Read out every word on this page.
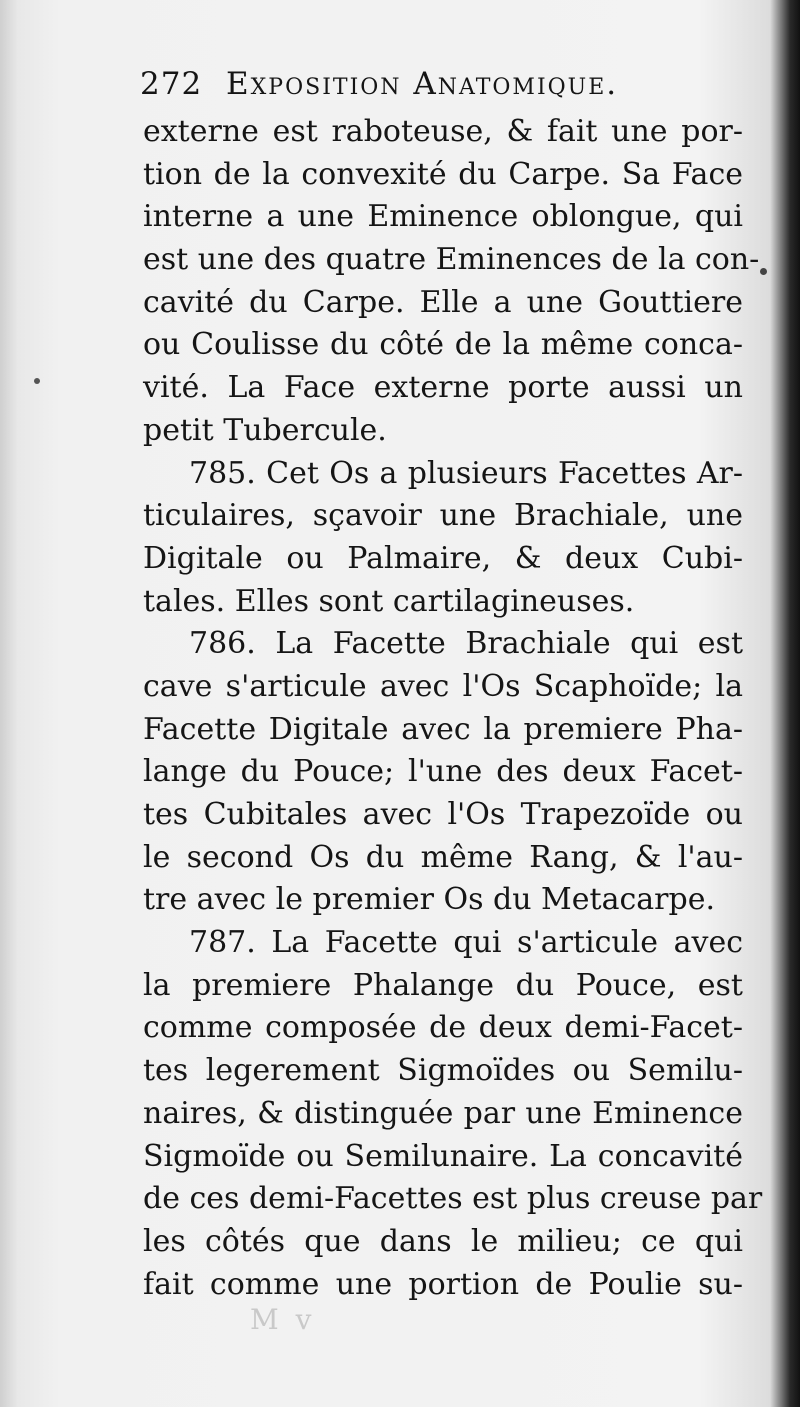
272 Exposition Anatomique.
externe est raboteuse, & fait une por-
tion de la convexité du Carpe. Sa Face
interne a une Eminence oblongue, qui
est une des quatre Eminences de la con-
cavité du Carpe. Elle a une Gouttiere
ou Coulisse du côté de la même conca-
vité. La Face externe porte aussi un
petit Tubercule.
785. Cet Os a plusieurs Facettes Ar-
ticulaires, sçavoir une Brachiale, une
Digitale ou Palmaire, & deux Cubi-
tales. Elles sont cartilagineuses.
786. La Facette Brachiale qui est
cave s'articule avec l'Os Scaphoïde; la
Facette Digitale avec la premiere Pha-
lange du Pouce; l'une des deux Facet-
tes Cubitales avec l'Os Trapezoïde ou
le second Os du même Rang, & l'au-
tre avec le premier Os du Metacarpe.
787. La Facette qui s'articule avec
la premiere Phalange du Pouce, est
comme composée de deux demi-Facet-
tes legerement Sigmoïdes ou Semilu-
naires, & distinguée par une Eminence
Sigmoïde ou Semilunaire. La concavité
de ces demi-Facettes est plus creuse par
les côtés que dans le milieu; ce qui
fait comme une portion de Poulie su-
M v
